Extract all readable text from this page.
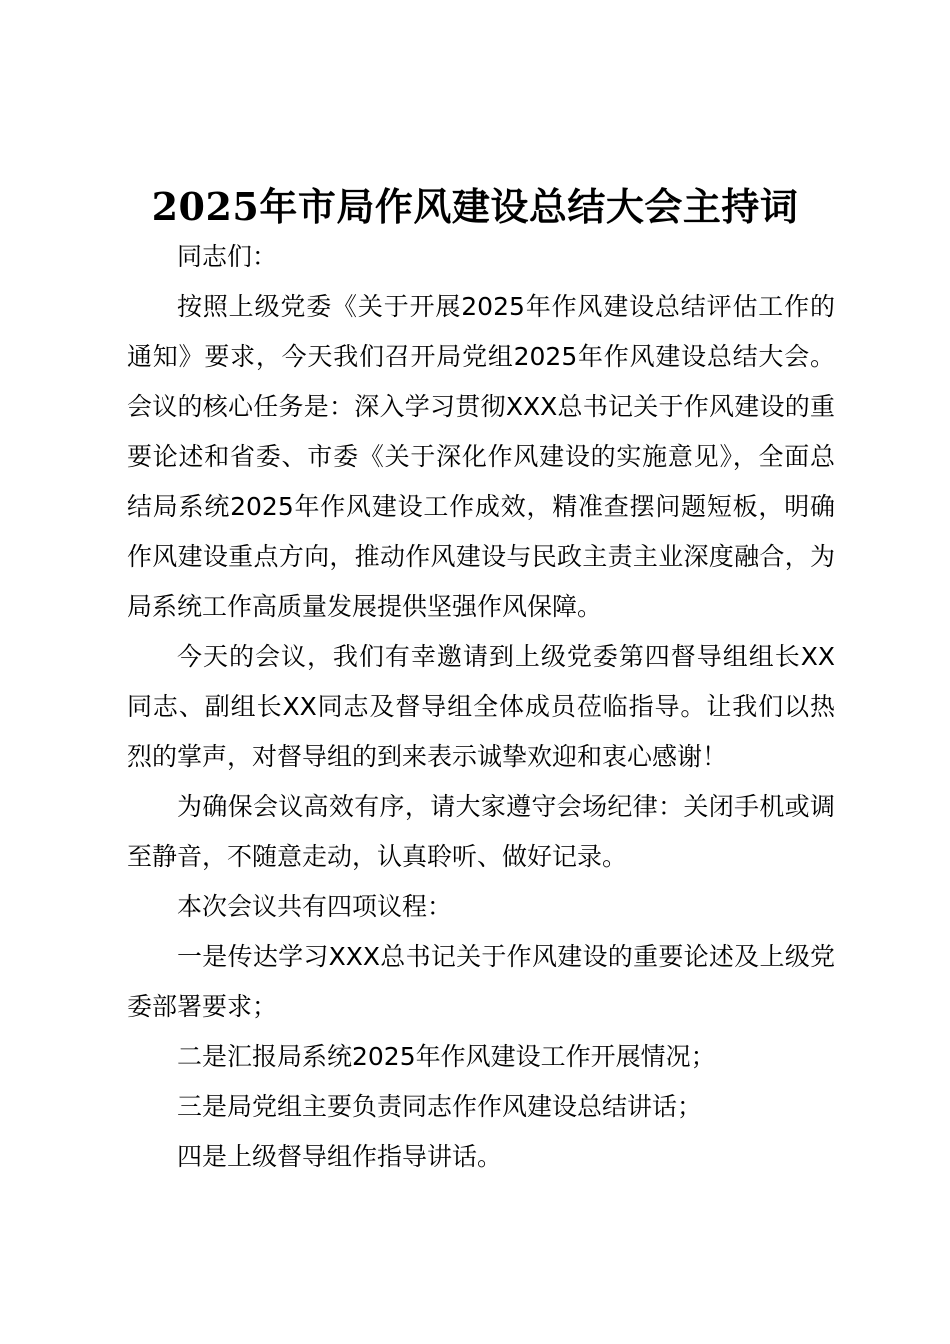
2025年市局作风建设总结大会主持词

同志们：

按照上级党委《关于开展2025年作风建设总结评估工作的通知》要求，今天我们召开局党组2025年作风建设总结大会。会议的核心任务是：深入学习贯彻XXX总书记关于作风建设的重要论述和省委、市委《关于深化作风建设的实施意见》，全面总结局系统2025年作风建设工作成效，精准查摆问题短板，明确作风建设重点方向，推动作风建设与民政主责主业深度融合，为局系统工作高质量发展提供坚强作风保障。

今天的会议，我们有幸邀请到上级党委第四督导组组长XX同志、副组长XX同志及督导组全体成员莅临指导。让我们以热烈的掌声，对督导组的到来表示诚挚欢迎和衷心感谢！

为确保会议高效有序，请大家遵守会场纪律：关闭手机或调至静音，不随意走动，认真聆听、做好记录。

本次会议共有四项议程：

一是传达学习XXX总书记关于作风建设的重要论述及上级党委部署要求；

二是汇报局系统2025年作风建设工作开展情况；

三是局党组主要负责同志作作风建设总结讲话；

四是上级督导组作指导讲话。
